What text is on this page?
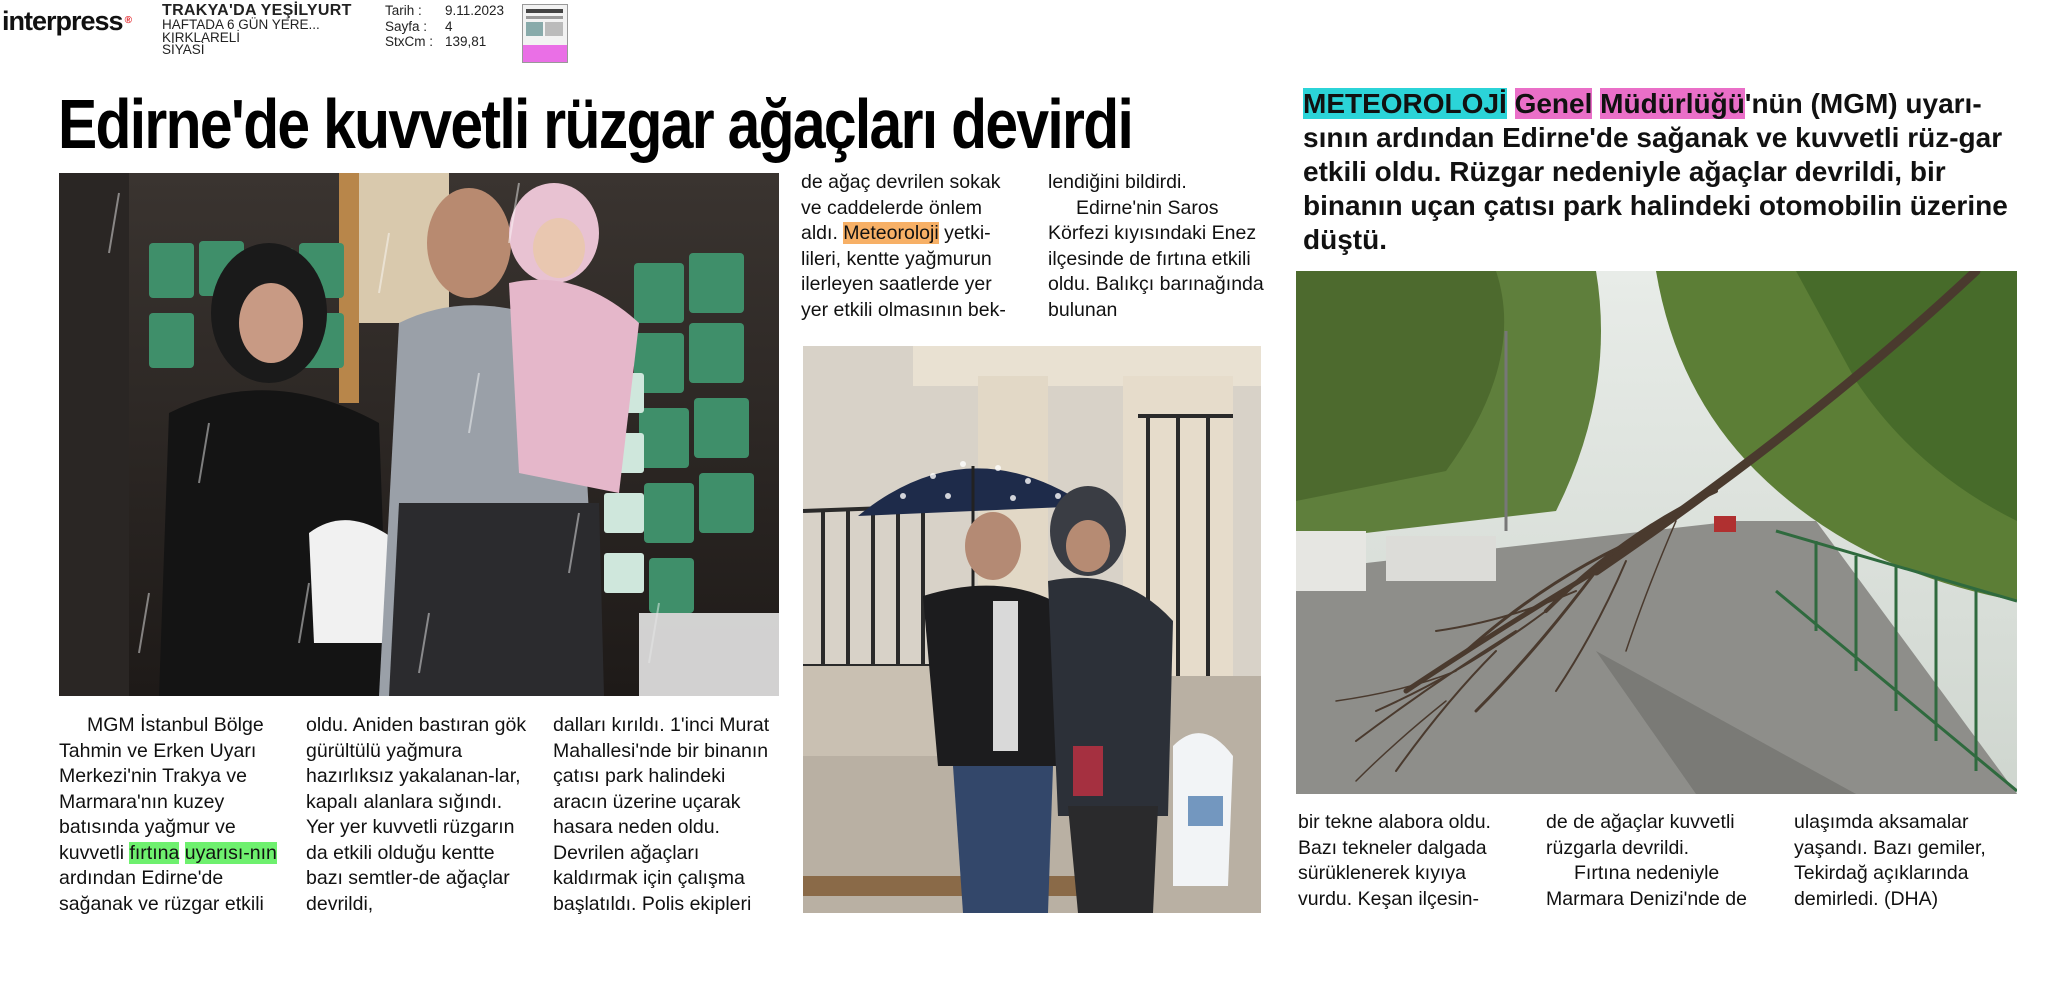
interpress ®
TRAKYA'DA YEŞİLYURT
HAFTADA 6 GÜN YERE...
KIRKLARELİ
SİYASİ
Tarih :	9.11.2023
Sayfa :	4
StxCm : 139,81
Edirne'de kuvvetli rüzgar ağaçları devirdi	METEOROLOJİ Genel Müdürlüğü'nün (MGM) uyarı-sının ardından Edirne'de sağanak ve kuvvetli rüz-gar etkili oldu. Rüzgar nedeniyle ağaçlar devrildi, bir binanın uçan çatısı park halindeki otomobilin üzerine düştü.

MGM İstanbul Bölge Tahmin ve Erken Uyarı Merkezi'nin Trakya ve Marmara'nın kuzey batısında yağmur ve kuvvetli fırtına uyarısı-nın ardından Edirne'de sağanak ve rüzgar etkili

oldu. Aniden bastıran gök gürültülü yağmura hazırlıksız yakalanan-lar, kapalı alanlara sığındı. Yer yer kuvvetli rüzgarın da etkili olduğu kentte bazı semtler-de ağaçlar devrildi,

dalları kırıldı. 1'inci Murat Mahallesi'nde bir binanın çatısı park halindeki aracın üzerine uçarak hasara neden oldu. Devrilen ağaçları kaldırmak için çalışma başlatıldı. Polis ekipleri

de ağaç devrilen sokak ve caddelerde önlem aldı. Meteoroloji yetki-lileri, kentte yağmurun ilerleyen saatlerde yer yer etkili olmasının bek-

lendiğini bildirdi.

Edirne'nin Saros Körfezi kıyısındaki Enez ilçesinde de fırtına etkili oldu. Balıkçı barınağında bulunan

bir tekne alabora oldu. Bazı tekneler dalgada sürüklenerek kıyıya vurdu. Keşan ilçesin-

de de ağaçlar kuvvetli rüzgarla devrildi.

Fırtına nedeniyle Marmara Denizi'nde de

ulaşımda aksamalar yaşandı. Bazı gemiler, Tekirdağ açıklarında demirledi. (DHA)
